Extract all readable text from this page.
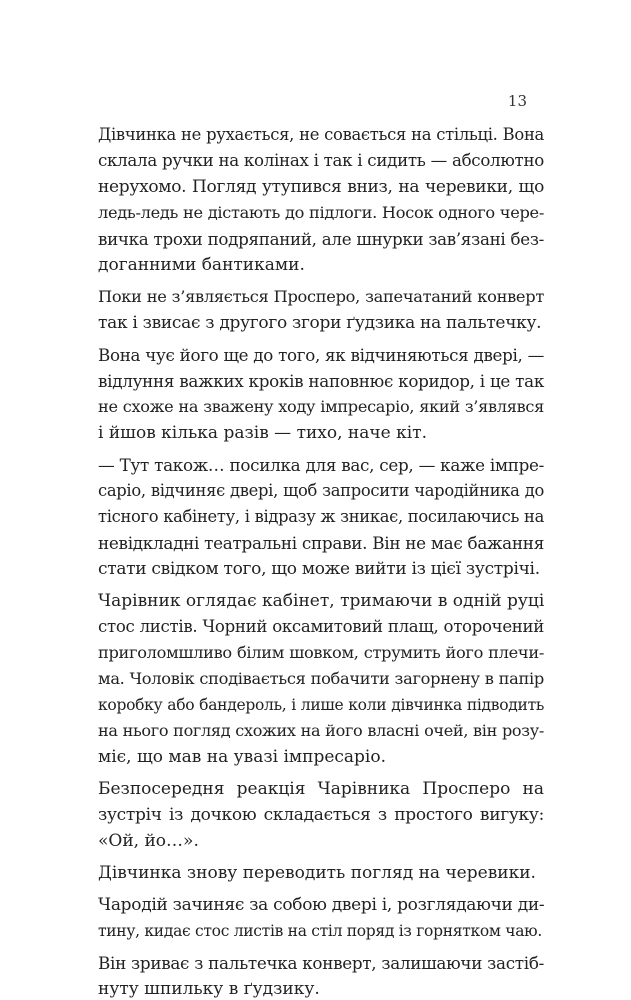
13
Дівчинка не рухається, не совається на стільці. Вона
склала ручки на колінах і так і сидить — абсолютно
нерухомо. Погляд утупився вниз, на черевики, що
ледь-ледь не дістають до підлоги. Носок одного чере-
вичка трохи подряпаний, але шнурки зав’язані без-
доганними бантиками.
Поки не з’являється Просперо, запечатаний конверт
так і звисає з другого згори ґудзика на пальтечку.
Вона чує його ще до того, як відчиняються двері, —
відлуння важких кроків наповнює коридор, і це так
не схоже на зважену ходу імпресаріо, який з’являвся
і йшов кілька разів — тихо, наче кіт.
— Тут також… посилка для вас, сер, — каже імпре-
саріо, відчиняє двері, щоб запросити чародійника до
тісного кабінету, і відразу ж зникає, посилаючись на
невідкладні театральні справи. Він не має бажання
стати свідком того, що може вийти із цієї зустрічі.
Чарівник оглядає кабінет, тримаючи в одній руці
стос листів. Чорний оксамитовий плащ, оторочений
приголомшливо білим шовком, струмить його плечи-
ма. Чоловік сподівається побачити загорнену в папір
коробку або бандероль, і лише коли дівчинка підводить
на нього погляд схожих на його власні очей, він розу-
міє, що мав на увазі імпресаріо.
Безпосередня реакція Чарівника Просперо на
зустріч із дочкою складається з простого вигуку:
«Ой, йо…».
Дівчинка знову переводить погляд на черевики.
Чародій зачиняє за собою двері і, розглядаючи ди-
тину, кидає стос листів на стіл поряд із горнятком чаю.
Він зриває з пальтечка конверт, залишаючи застіб-
нуту шпильку в ґудзику.
